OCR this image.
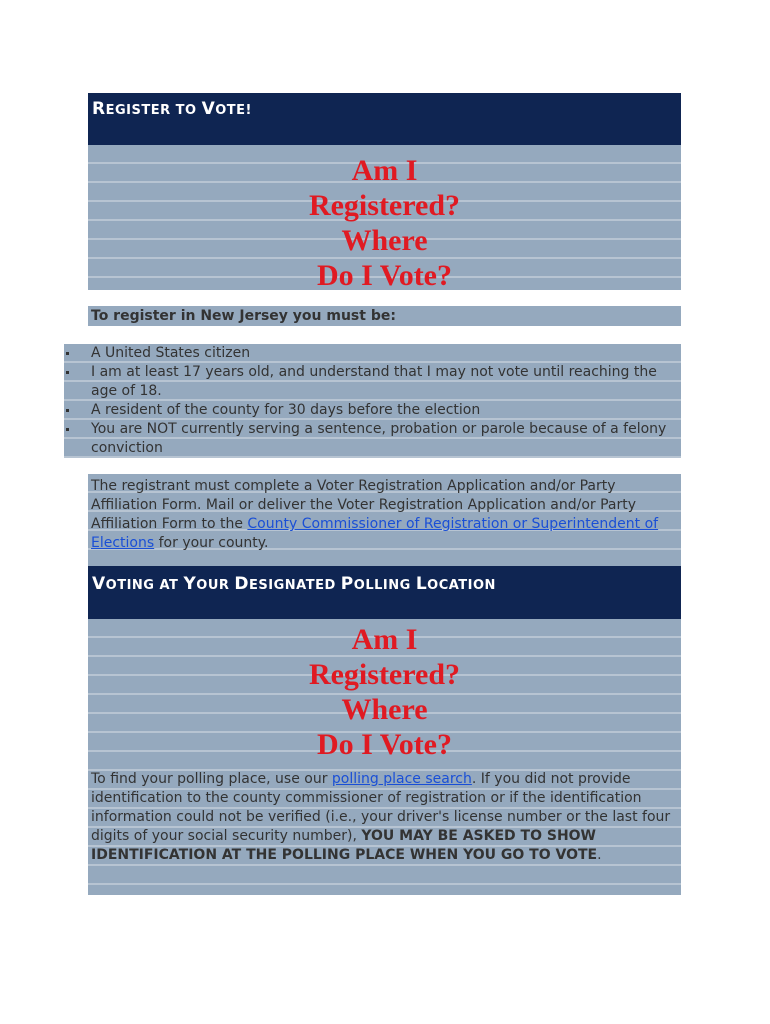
REGISTER TO VOTE!
Am I
Registered?
Where
Do I Vote?
To register in New Jersey you must be:
A United States citizen
I am at least 17 years old, and understand that I may not vote until reaching the age of 18.
A resident of the county for 30 days before the election
You are NOT currently serving a sentence, probation or parole because of a felony conviction
The registrant must complete a Voter Registration Application and/or Party Affiliation Form. Mail or deliver the Voter Registration Application and/or Party Affiliation Form to the County Commissioner of Registration or Superintendent of Elections for your county.
VOTING AT YOUR DESIGNATED POLLING LOCATION
Am I
Registered?
Where
Do I Vote?
To find your polling place, use our polling place search. If you did not provide identification to the county commissioner of registration or if the identification information could not be verified (i.e., your driver's license number or the last four digits of your social security number), YOU MAY BE ASKED TO SHOW IDENTIFICATION AT THE POLLING PLACE WHEN YOU GO TO VOTE.
